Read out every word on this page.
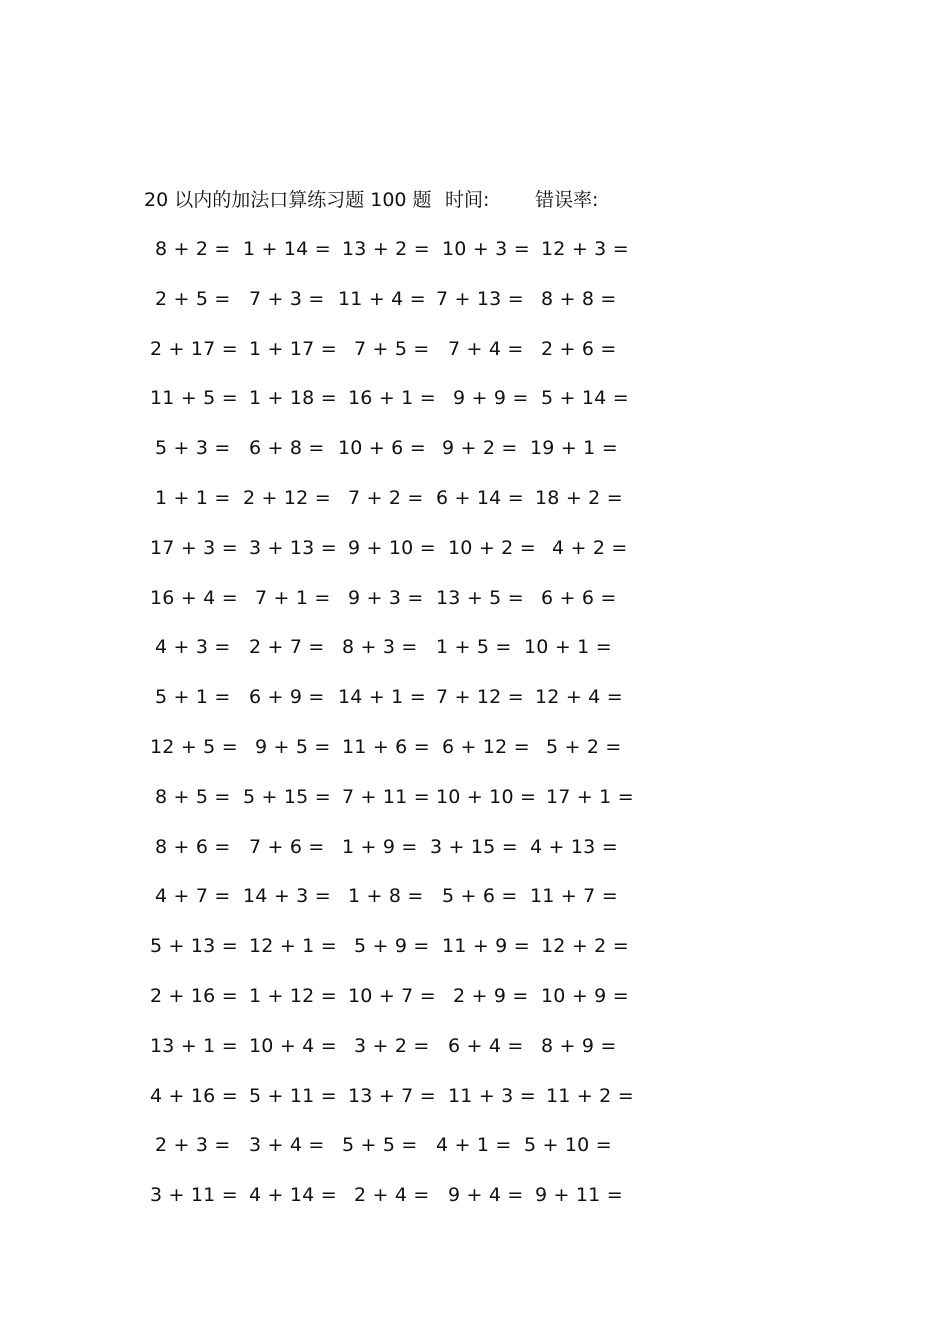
20 以内的加法口算练习题 100 题 时间: 错误率:
8 + 2 = 1 + 14 = 13 + 2 = 10 + 3 = 12 + 3 =
2 + 5 = 7 + 3 = 11 + 4 = 7 + 13 = 8 + 8 =
2 + 17 = 1 + 17 = 7 + 5 = 7 + 4 = 2 + 6 =
11 + 5 = 1 + 18 = 16 + 1 = 9 + 9 = 5 + 14 =
5 + 3 = 6 + 8 = 10 + 6 = 9 + 2 = 19 + 1 =
1 + 1 = 2 + 12 = 7 + 2 = 6 + 14 = 18 + 2 =
17 + 3 = 3 + 13 = 9 + 10 = 10 + 2 = 4 + 2 =
16 + 4 = 7 + 1 = 9 + 3 = 13 + 5 = 6 + 6 =
4 + 3 = 2 + 7 = 8 + 3 = 1 + 5 = 10 + 1 =
5 + 1 = 6 + 9 = 14 + 1 = 7 + 12 = 12 + 4 =
12 + 5 = 9 + 5 = 11 + 6 = 6 + 12 = 5 + 2 =
8 + 5 = 5 + 15 = 7 + 11 = 10 + 10 = 17 + 1 =
8 + 6 = 7 + 6 = 1 + 9 = 3 + 15 = 4 + 13 =
4 + 7 = 14 + 3 = 1 + 8 = 5 + 6 = 11 + 7 =
5 + 13 = 12 + 1 = 5 + 9 = 11 + 9 = 12 + 2 =
2 + 16 = 1 + 12 = 10 + 7 = 2 + 9 = 10 + 9 =
13 + 1 = 10 + 4 = 3 + 2 = 6 + 4 = 8 + 9 =
4 + 16 = 5 + 11 = 13 + 7 = 11 + 3 = 11 + 2 =
2 + 3 = 3 + 4 = 5 + 5 = 4 + 1 = 5 + 10 =
3 + 11 = 4 + 14 = 2 + 4 = 9 + 4 = 9 + 11 =
